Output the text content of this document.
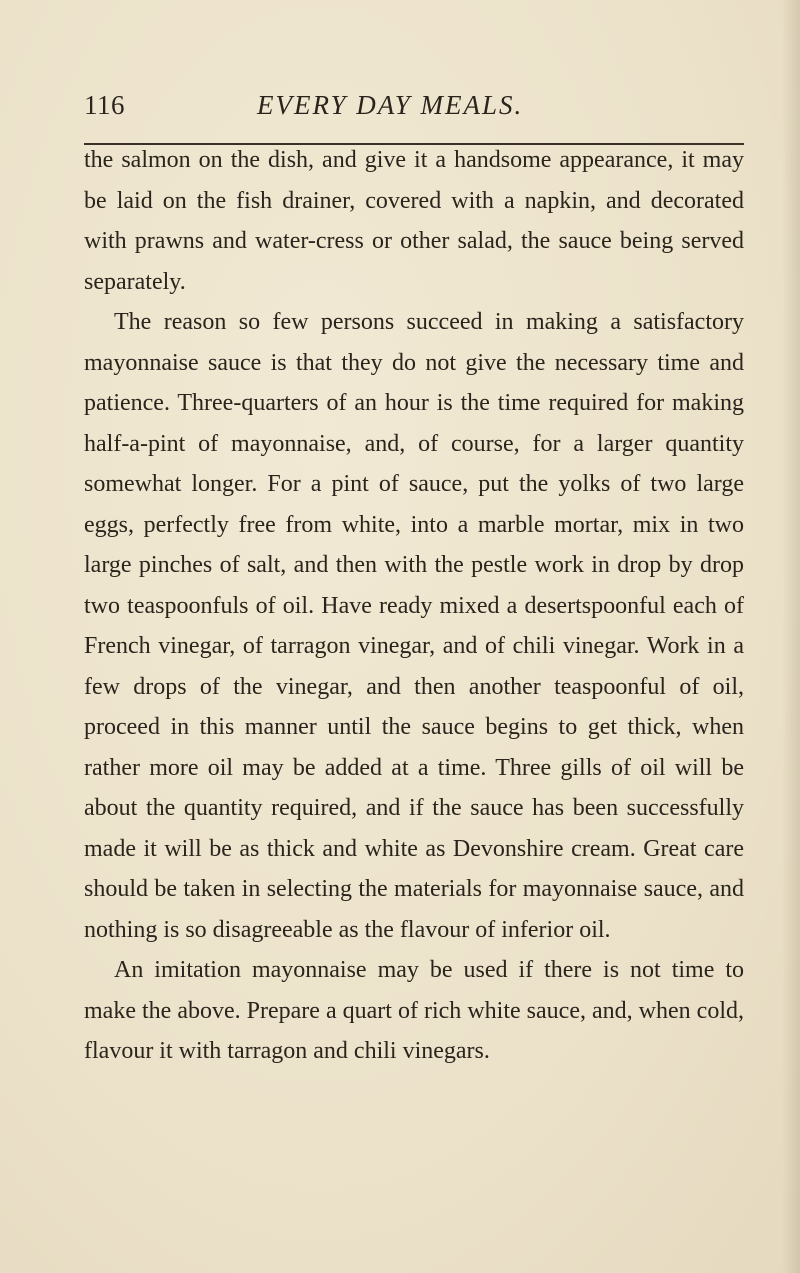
116	EVERY DAY MEALS.

the salmon on the dish, and give it a handsome appearance, it may be laid on the fish drainer, covered with a napkin, and decorated with prawns and water-cress or other salad, the sauce being served separately.

The reason so few persons succeed in making a satisfactory mayonnaise sauce is that they do not give the necessary time and patience. Three-quarters of an hour is the time required for making half-a-pint of mayonnaise, and, of course, for a larger quantity somewhat longer. For a pint of sauce, put the yolks of two large eggs, perfectly free from white, into a marble mortar, mix in two large pinches of salt, and then with the pestle work in drop by drop two teaspoonfuls of oil. Have ready mixed a desertspoonful each of French vinegar, of tarragon vinegar, and of chili vinegar. Work in a few drops of the vinegar, and then another teaspoonful of oil, proceed in this manner until the sauce begins to get thick, when rather more oil may be added at a time. Three gills of oil will be about the quantity required, and if the sauce has been successfully made it will be as thick and white as Devonshire cream. Great care should be taken in selecting the materials for mayonnaise sauce, and nothing is so disagreeable as the flavour of inferior oil.

An imitation mayonnaise may be used if there is not time to make the above. Prepare a quart of rich white sauce, and, when cold, flavour it with tarragon and chili vinegars.
